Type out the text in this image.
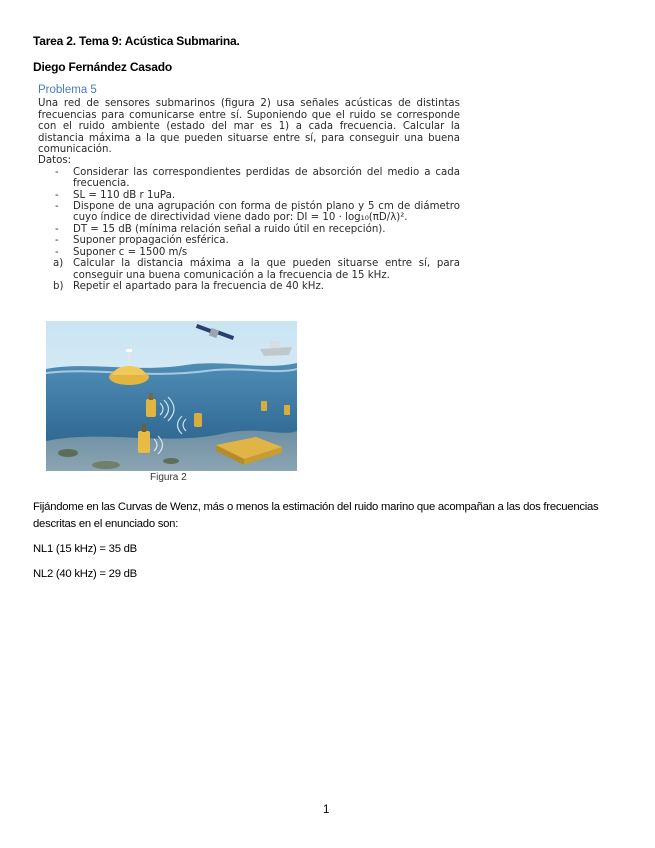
Tarea 2. Tema 9: Acústica Submarina.
Diego Fernández Casado
Problema 5
Una red de sensores submarinos (figura 2) usa señales acústicas de distintas frecuencias para comunicarse entre sí. Suponiendo que el ruido se corresponde con el ruido ambiente (estado del mar es 1) a cada frecuencia. Calcular la distancia máxima a la que pueden situarse entre sí, para conseguir una buena comunicación.
Datos:
- Considerar las correspondientes perdidas de absorción del medio a cada frecuencia.
- SL = 110 dB r 1uPa.
- Dispone de una agrupación con forma de pistón plano y 5 cm de diámetro cuyo índice de directividad viene dado por: DI = 10 · log₁₀(πD/λ)².
- DT = 15 dB (mínima relación señal a ruido útil en recepción).
- Suponer propagación esférica.
- Suponer c = 1500 m/s
a) Calcular la distancia máxima a la que pueden situarse entre sí, para conseguir una buena comunicación a la frecuencia de 15 kHz.
b) Repetir el apartado para la frecuencia de 40 kHz.
Figura 2
Fijándome en las Curvas de Wenz, más o menos la estimación del ruido marino que acompañan a las dos frecuencias descritas en el enunciado son:
NL1 (15 kHz) = 35 dB
NL2 (40 kHz) = 29 dB
1
